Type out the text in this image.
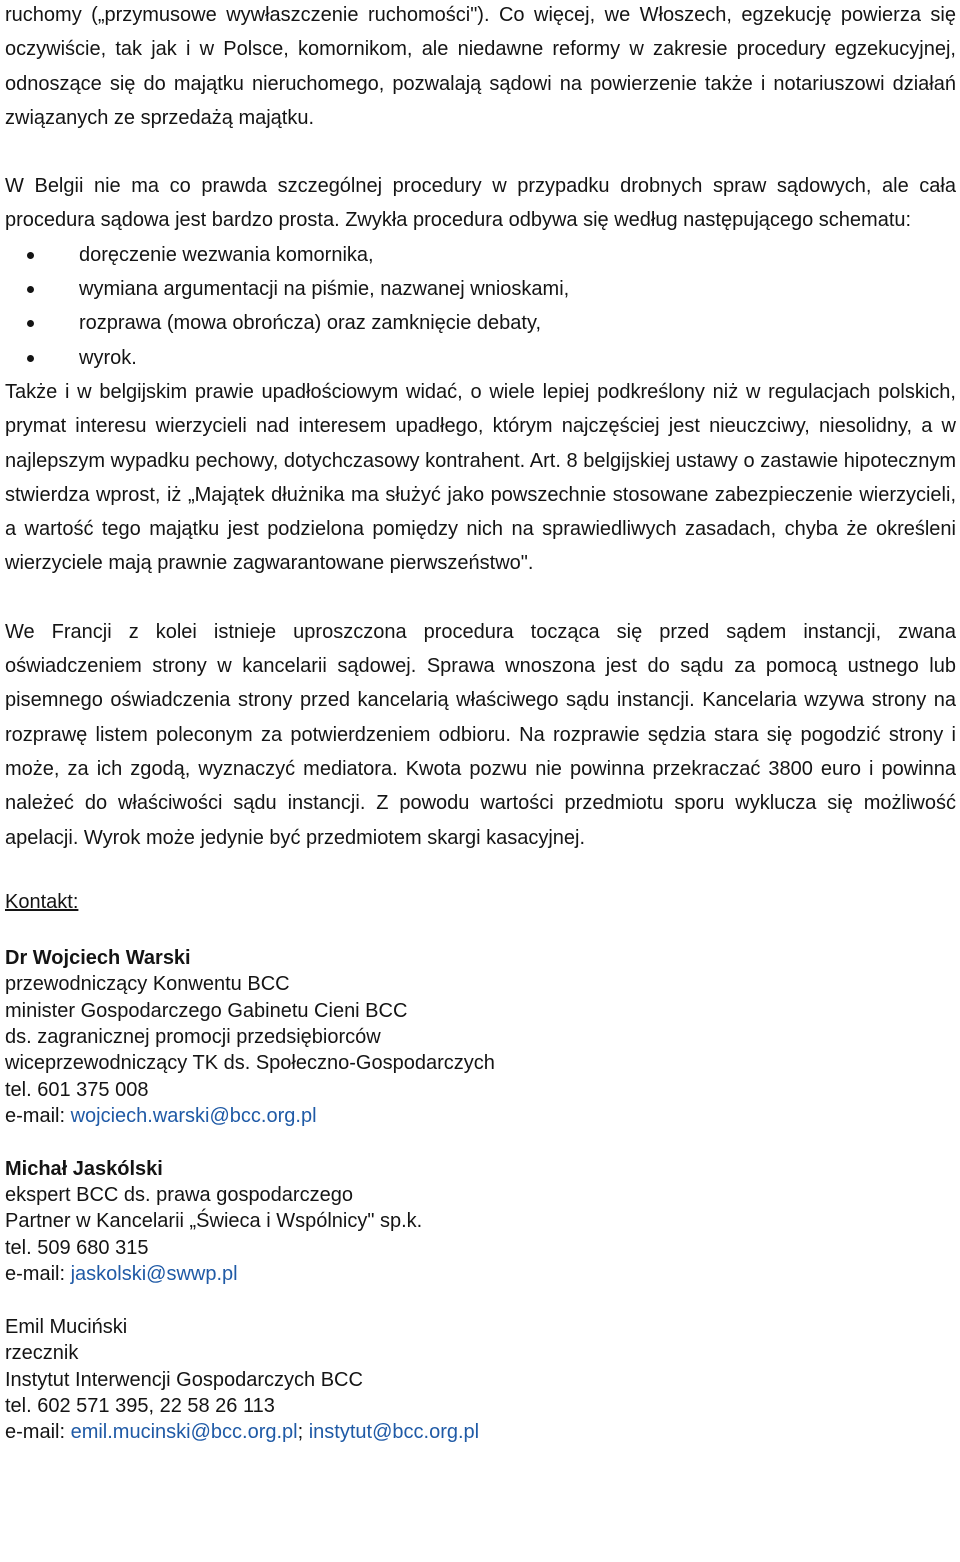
ruchomy („przymusowe wywłaszczenie ruchomości"). Co więcej, we Włoszech, egzekucję powierza się oczywiście, tak jak i w Polsce, komornikom, ale niedawne reformy w zakresie procedury egzekucyjnej, odnoszące się do majątku nieruchomego, pozwalają sądowi na powierzenie także i notariuszowi działań związanych ze sprzedażą majątku.

W Belgii nie ma co prawda szczególnej procedury w przypadku drobnych spraw sądowych, ale cała procedura sądowa jest bardzo prosta. Zwykła procedura odbywa się według następującego schematu:

doręczenie wezwania komornika,
wymiana argumentacji na piśmie, nazwanej wnioskami,
rozprawa (mowa obrończa) oraz zamknięcie debaty,
wyrok.

Także i w belgijskim prawie upadłościowym widać, o wiele lepiej podkreślony niż w regulacjach polskich, prymat interesu wierzycieli nad interesem upadłego, którym najczęściej jest nieuczciwy, niesolidny, a w najlepszym wypadku pechowy, dotychczasowy kontrahent. Art. 8 belgijskiej ustawy o zastawie hipotecznym stwierdza wprost, iż „Majątek dłużnika ma służyć jako powszechnie stosowane zabezpieczenie wierzycieli, a wartość tego majątku jest podzielona pomiędzy nich na sprawiedliwych zasadach, chyba że określeni wierzyciele mają prawnie zagwarantowane pierwszeństwo".

We Francji z kolei istnieje uproszczona procedura tocząca się przed sądem instancji, zwana oświadczeniem strony w kancelarii sądowej. Sprawa wnoszona jest do sądu za pomocą ustnego lub pisemnego oświadczenia strony przed kancelarią właściwego sądu instancji. Kancelaria wzywa strony na rozprawę listem poleconym za potwierdzeniem odbioru. Na rozprawie sędzia stara się pogodzić strony i może, za ich zgodą, wyznaczyć mediatora. Kwota pozwu nie powinna przekraczać 3800 euro i powinna należeć do właściwości sądu instancji. Z powodu wartości przedmiotu sporu wyklucza się możliwość apelacji. Wyrok może jedynie być przedmiotem skargi kasacyjnej.

Kontakt:

Dr Wojciech Warski
przewodniczący Konwentu BCC
minister Gospodarczego Gabinetu Cieni BCC
ds. zagranicznej promocji przedsiębiorców
wiceprzewodniczący TK ds. Społeczno-Gospodarczych
tel. 601 375 008
e-mail: wojciech.warski@bcc.org.pl
Michał Jaskólski
ekspert BCC ds. prawa gospodarczego
Partner w Kancelarii „Świeca i Wspólnicy" sp.k.
tel. 509 680 315
e-mail: jaskolski@swwp.pl
Emil Muciński
rzecznik
Instytut Interwencji Gospodarczych BCC
tel. 602 571 395, 22 58 26 113
e-mail: emil.mucinski@bcc.org.pl; instytut@bcc.org.pl
